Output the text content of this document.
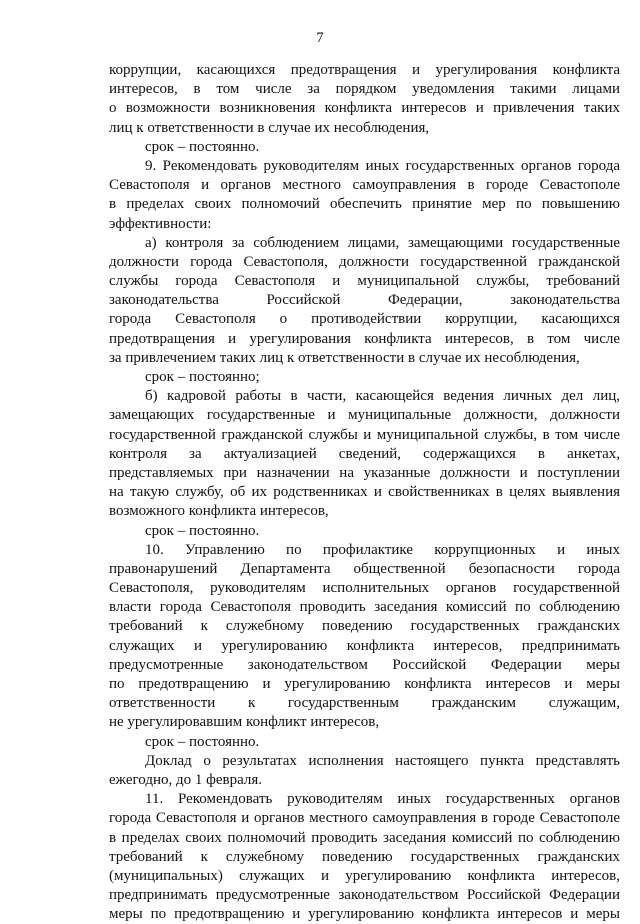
7
коррупции, касающихся предотвращения и урегулирования конфликта
интересов, в том числе за порядком уведомления такими лицами
о возможности возникновения конфликта интересов и привлечения таких
лиц к ответственности в случае их несоблюдения,
срок – постоянно.
9. Рекомендовать руководителям иных государственных органов города
Севастополя и органов местного самоуправления в городе Севастополе
в пределах своих полномочий обеспечить принятие мер по повышению
эффективности:
а) контроля за соблюдением лицами, замещающими государственные
должности города Севастополя, должности государственной гражданской
службы города Севастополя и муниципальной службы, требований
законодательства Российской Федерации, законодательства
города Севастополя о противодействии коррупции, касающихся
предотвращения и урегулирования конфликта интересов, в том числе
за привлечением таких лиц к ответственности в случае их несоблюдения,
срок – постоянно;
б) кадровой работы в части, касающейся ведения личных дел лиц,
замещающих государственные и муниципальные должности, должности
государственной гражданской службы и муниципальной службы, в том числе
контроля за актуализацией сведений, содержащихся в анкетах,
представляемых при назначении на указанные должности и поступлении
на такую службу, об их родственниках и свойственниках в целях выявления
возможного конфликта интересов,
срок – постоянно.
10. Управлению по профилактике коррупционных и иных
правонарушений Департамента общественной безопасности города
Севастополя, руководителям исполнительных органов государственной
власти города Севастополя проводить заседания комиссий по соблюдению
требований к служебному поведению государственных гражданских
служащих и урегулированию конфликта интересов, предпринимать
предусмотренные законодательством Российской Федерации меры
по предотвращению и урегулированию конфликта интересов и меры
ответственности к государственным гражданским служащим,
не урегулировавшим конфликт интересов,
срок – постоянно.
Доклад о результатах исполнения настоящего пункта представлять
ежегодно, до 1 февраля.
11. Рекомендовать руководителям иных государственных органов
города Севастополя и органов местного самоуправления в городе Севастополе
в пределах своих полномочий проводить заседания комиссий по соблюдению
требований к служебному поведению государственных гражданских
(муниципальных) служащих и урегулированию конфликта интересов,
предпринимать предусмотренные законодательством Российской Федерации
меры по предотвращению и урегулированию конфликта интересов и меры
